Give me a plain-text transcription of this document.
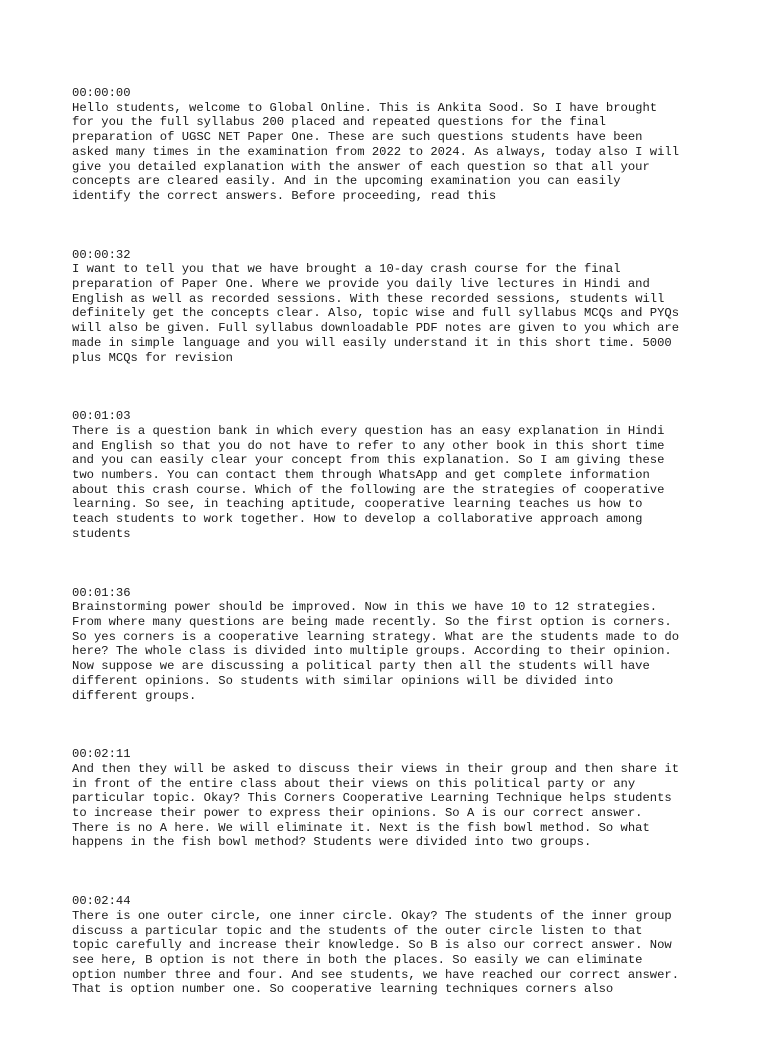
00:00:00
Hello students, welcome to Global Online. This is Ankita Sood. So I have brought
for you the full syllabus 200 placed and repeated questions for the final
preparation of UGSC NET Paper One. These are such questions students have been
asked many times in the examination from 2022 to 2024. As always, today also I will
give you detailed explanation with the answer of each question so that all your
concepts are cleared easily. And in the upcoming examination you can easily
identify the correct answers. Before proceeding, read this
00:00:32
I want to tell you that we have brought a 10-day crash course for the final
preparation of Paper One. Where we provide you daily live lectures in Hindi and
English as well as recorded sessions. With these recorded sessions, students will
definitely get the concepts clear. Also, topic wise and full syllabus MCQs and PYQs
will also be given. Full syllabus downloadable PDF notes are given to you which are
made in simple language and you will easily understand it in this short time. 5000
plus MCQs for revision
00:01:03
There is a question bank in which every question has an easy explanation in Hindi
and English so that you do not have to refer to any other book in this short time
and you can easily clear your concept from this explanation. So I am giving these
two numbers. You can contact them through WhatsApp and get complete information
about this crash course. Which of the following are the strategies of cooperative
learning. So see, in teaching aptitude, cooperative learning teaches us how to
teach students to work together. How to develop a collaborative approach among
students
00:01:36
Brainstorming power should be improved. Now in this we have 10 to 12 strategies.
From where many questions are being made recently. So the first option is corners.
So yes corners is a cooperative learning strategy. What are the students made to do
here? The whole class is divided into multiple groups. According to their opinion.
Now suppose we are discussing a political party then all the students will have
different opinions. So students with similar opinions will be divided into
different groups.
00:02:11
And then they will be asked to discuss their views in their group and then share it
in front of the entire class about their views on this political party or any
particular topic. Okay? This Corners Cooperative Learning Technique helps students
to increase their power to express their opinions. So A is our correct answer.
There is no A here. We will eliminate it. Next is the fish bowl method. So what
happens in the fish bowl method? Students were divided into two groups.
00:02:44
There is one outer circle, one inner circle. Okay? The students of the inner group
discuss a particular topic and the students of the outer circle listen to that
topic carefully and increase their knowledge. So B is also our correct answer. Now
see here, B option is not there in both the places. So easily we can eliminate
option number three and four. And see students, we have reached our correct answer.
That is option number one. So cooperative learning techniques corners also
